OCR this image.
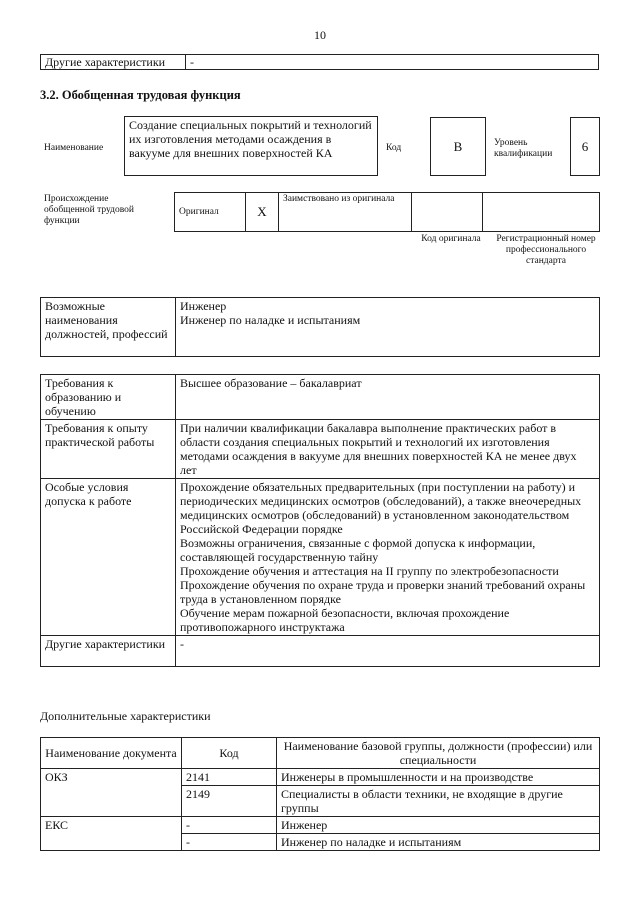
10
Другие характеристики	-
3.2. Обобщенная трудовая функция
Наименование
Создание специальных покрытий и технологий их изготовления методами осаждения в вакууме для внешних поверхностей КА	Код	B	Уровень квалификации
6
Происхождение обобщенной трудовой функции
Оригинал	X	Заимствовано из оригинала		
Код оригинала	Регистрационный номер профессионального стандарта
Возможные наименования должностей, профессий	
Инженер
Инженер по наладке и испытаниям
Требования к образованию и обучению	Высшее образование – бакалавриат
Требования к опыту практической работы	При наличии квалификации бакалавра выполнение практических работ в области создания специальных покрытий и технологий их изготовления методами осаждения в вакууме для внешних поверхностей КА не менее двух лет
Особые условия допуска к работе	Прохождение обязательных предварительных (при поступлении на работу) и периодических медицинских осмотров (обследований), а также внеочередных медицинских осмотров (обследований) в установленном законодательством Российской Федерации порядке
Возможны ограничения, связанные с формой допуска к информации, составляющей государственную тайну
Прохождение обучения и аттестация на II группу по электробезопасности
Прохождение обучения по охране труда и проверки знаний требований охраны труда в установленном порядке
Обучение мерам пожарной безопасности, включая прохождение противопожарного инструктажа
Другие характеристики	-
Дополнительные характеристики
Наименование документа	Код	Наименование базовой группы, должности (профессии) или специальности
ОКЗ	2141	Инженеры в промышленности и на производстве
	2149	Специалисты в области техники, не входящие в другие группы
ЕКС	-	Инженер
	-	Инженер по наладке и испытаниям
